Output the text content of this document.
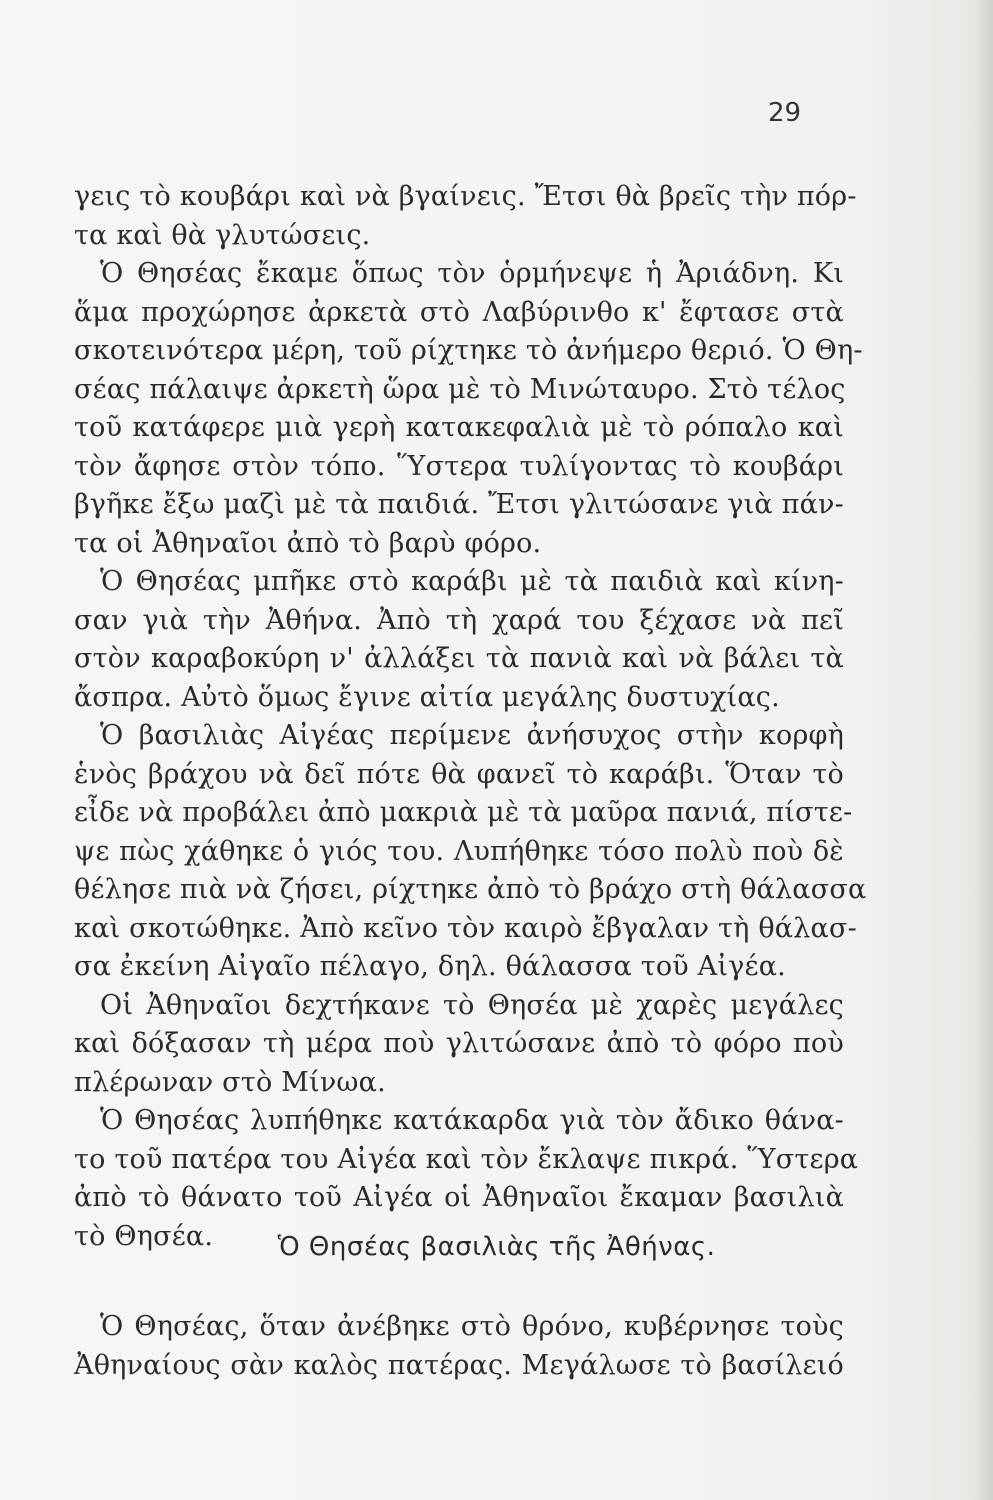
29
γεις τὸ κουβάρι καὶ νὰ βγαίνεις. Ἔτσι θὰ βρεῖς τὴν πόρ-
τα καὶ θὰ γλυτώσεις.
Ὁ Θησέας ἔκαμε ὅπως τὸν ὁρμήνεψε ἡ Ἀριάδνη. Κι
ἅμα προχώρησε ἀρκετὰ στὸ Λαβύρινθο κ' ἔφτασε στὰ
σκοτεινότερα μέρη, τοῦ ρίχτηκε τὸ ἀνήμερο θεριό. Ὁ Θη-
σέας πάλαιψε ἀρκετὴ ὥρα μὲ τὸ Μινώταυρο. Στὸ τέλος
τοῦ κατάφερε μιὰ γερὴ κατακεφαλιὰ μὲ τὸ ρόπαλο καὶ
τὸν ἄφησε στὸν τόπο. Ὕστερα τυλίγοντας τὸ κουβάρι
βγῆκε ἔξω μαζὶ μὲ τὰ παιδιά. Ἔτσι γλιτώσανε γιὰ πάν-
τα οἱ Ἀθηναῖοι ἀπὸ τὸ βαρὺ φόρο.
Ὁ Θησέας μπῆκε στὸ καράβι μὲ τὰ παιδιὰ καὶ κίνη-
σαν γιὰ τὴν Ἀθήνα. Ἀπὸ τὴ χαρά του ξέχασε νὰ πεῖ
στὸν καραβοκύρη ν' ἀλλάξει τὰ πανιὰ καὶ νὰ βάλει τὰ
ἄσπρα. Αὐτὸ ὅμως ἔγινε αἰτία μεγάλης δυστυχίας.
Ὁ βασιλιὰς Αἰγέας περίμενε ἀνήσυχος στὴν κορφὴ
ἑνὸς βράχου νὰ δεῖ πότε θὰ φανεῖ τὸ καράβι. Ὅταν τὸ
εἶδε νὰ προβάλει ἀπὸ μακριὰ μὲ τὰ μαῦρα πανιά, πίστε-
ψε πὼς χάθηκε ὁ γιός του. Λυπήθηκε τόσο πολὺ ποὺ δὲ
θέλησε πιὰ νὰ ζήσει, ρίχτηκε ἀπὸ τὸ βράχο στὴ θάλασσα
καὶ σκοτώθηκε. Ἀπὸ κεῖνο τὸν καιρὸ ἔβγαλαν τὴ θάλασ-
σα ἐκείνη Αἰγαῖο πέλαγο, δηλ. θάλασσα τοῦ Αἰγέα.
Οἱ Ἀθηναῖοι δεχτήκανε τὸ Θησέα μὲ χαρὲς μεγάλες
καὶ δόξασαν τὴ μέρα ποὺ γλιτώσανε ἀπὸ τὸ φόρο ποὺ
πλέρωναν στὸ Μίνωα.
Ὁ Θησέας λυπήθηκε κατάκαρδα γιὰ τὸν ἄδικο θάνα-
το τοῦ πατέρα του Αἰγέα καὶ τὸν ἔκλαψε πικρά. Ὕστερα
ἀπὸ τὸ θάνατο τοῦ Αἰγέα οἱ Ἀθηναῖοι ἔκαμαν βασιλιὰ
τὸ Θησέα.	Ὁ Θησέας βασιλιὰς τῆς Ἀθήνας.
Ὁ Θησέας, ὅταν ἀνέβηκε στὸ θρόνο, κυβέρνησε τοὺς
Ἀθηναίους σὰν καλὸς πατέρας. Μεγάλωσε τὸ βασίλειό
